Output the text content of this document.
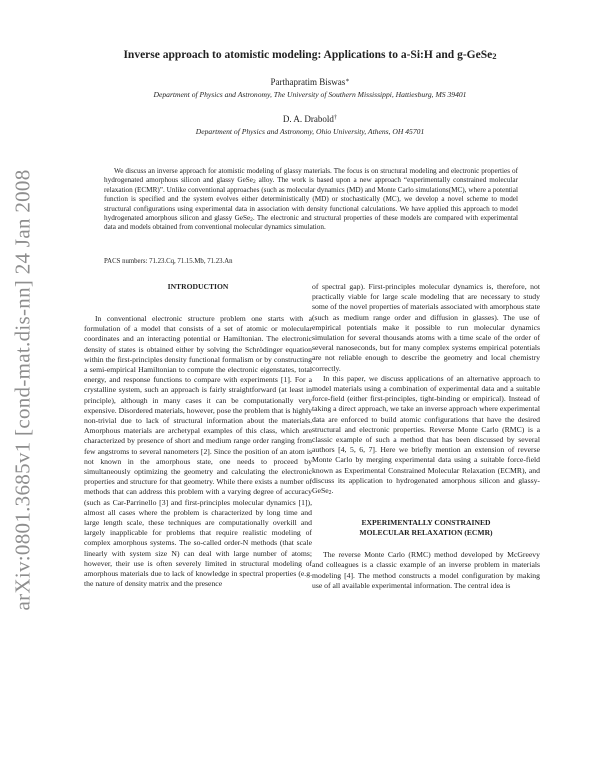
arXiv:0801.3685v1 [cond-mat.dis-nn] 24 Jan 2008
Inverse approach to atomistic modeling: Applications to a-Si:H and g-GeSe$_2$
Parthapratim Biswas∗
Department of Physics and Astronomy, The University of Southern Mississippi, Hattiesburg, MS 39401
D. A. Drabold†
Department of Physics and Astronomy, Ohio University, Athens, OH 45701

We discuss an inverse approach for atomistic modeling of glassy materials. The focus is on structural modeling and electronic properties of hydrogenated amorphous silicon and glassy GeSe$_2$ alloy. The work is based upon a new approach “experimentally constrained molecular relaxation (ECMR)”. Unlike conventional approaches (such as molecular dynamics (MD) and Monte Carlo simulations(MC), where a potential function is specified and the system evolves either deterministically (MD) or stochastically (MC), we develop a novel scheme to model structural configurations using experimental data in association with density functional calculations. We have applied this approach to model hydrogenated amorphous silicon and glassy GeSe$_2$. The electronic and structural properties of these models are compared with experimental data and models obtained from conventional molecular dynamics simulation.

PACS numbers: 71.23.Cq, 71.15.Mb, 71.23.An
INTRODUCTION

In conventional electronic structure problem one starts with a formulation of a model that consists of a set of atomic or molecular coordinates and an interacting potential or Hamiltonian. The electronic density of states is obtained either by solving the Schrödinger equation within the first-principles density functional formalism or by constructing a semi-empirical Hamiltonian to compute the electronic eigenstates, total energy, and response functions to compare with experiments [1]. For a crystalline system, such an approach is fairly straightforward (at least in principle), although in many cases it can be computationally very expensive. Disordered materials, however, pose the problem that is highly non-trivial due to lack of structural information about the materials. Amorphous materials are archetypal examples of this class, which are characterized by presence of short and medium range order ranging from few angstroms to several nanometers [2]. Since the position of an atom is not known in the amorphous state, one needs to proceed by simultaneously optimizing the geometry and calculating the electronic properties and structure for that geometry. While there exists a number of methods that can address this problem with a varying degree of accuracy (such as Car-Parrinello [3] and first-principles molecular dynamics [1]), almost all cases where the problem is characterized by long time and large length scale, these techniques are computationally overkill and largely inapplicable for problems that require realistic modeling of complex amorphous systems. The so-called order-N methods (that scale linearly with system size N) can deal with large number of atoms; however, their use is often severely limited in structural modeling of amorphous materials due to lack of knowledge in spectral properties (e.g. the nature of density matrix and the presence

of spectral gap). First-principles molecular dynamics is, therefore, not practically viable for large scale modeling that are necessary to study some of the novel properties of materials associated with amorphous state (such as medium range order and diffusion in glasses). The use of empirical potentials make it possible to run molecular dynamics simulation for several thousands atoms with a time scale of the order of several nanoseconds, but for many complex systems empirical potentials are not reliable enough to describe the geometry and local chemistry correctly.

In this paper, we discuss applications of an alternative approach to model materials using a combination of experimental data and a suitable force-field (either first-principles, tight-binding or empirical). Instead of taking a direct approach, we take an inverse approach where experimental data are enforced to build atomic configurations that have the desired structural and electronic properties. Reverse Monte Carlo (RMC) is a classic example of such a method that has been discussed by several authors [4, 5, 6, 7]. Here we briefly mention an extension of reverse Monte Carlo by merging experimental data using a suitable force-field known as Experimental Constrained Molecular Relaxation (ECMR), and discuss its application to hydrogenated amorphous silicon and glassy-GeSe$_2$.

EXPERIMENTALLY CONSTRAINED
MOLECULAR RELAXATION (ECMR)

The reverse Monte Carlo (RMC) method developed by McGreevy and colleagues is a classic example of an inverse problem in materials modeling [4]. The method constructs a model configuration by making use of all available experimental information. The central idea is
